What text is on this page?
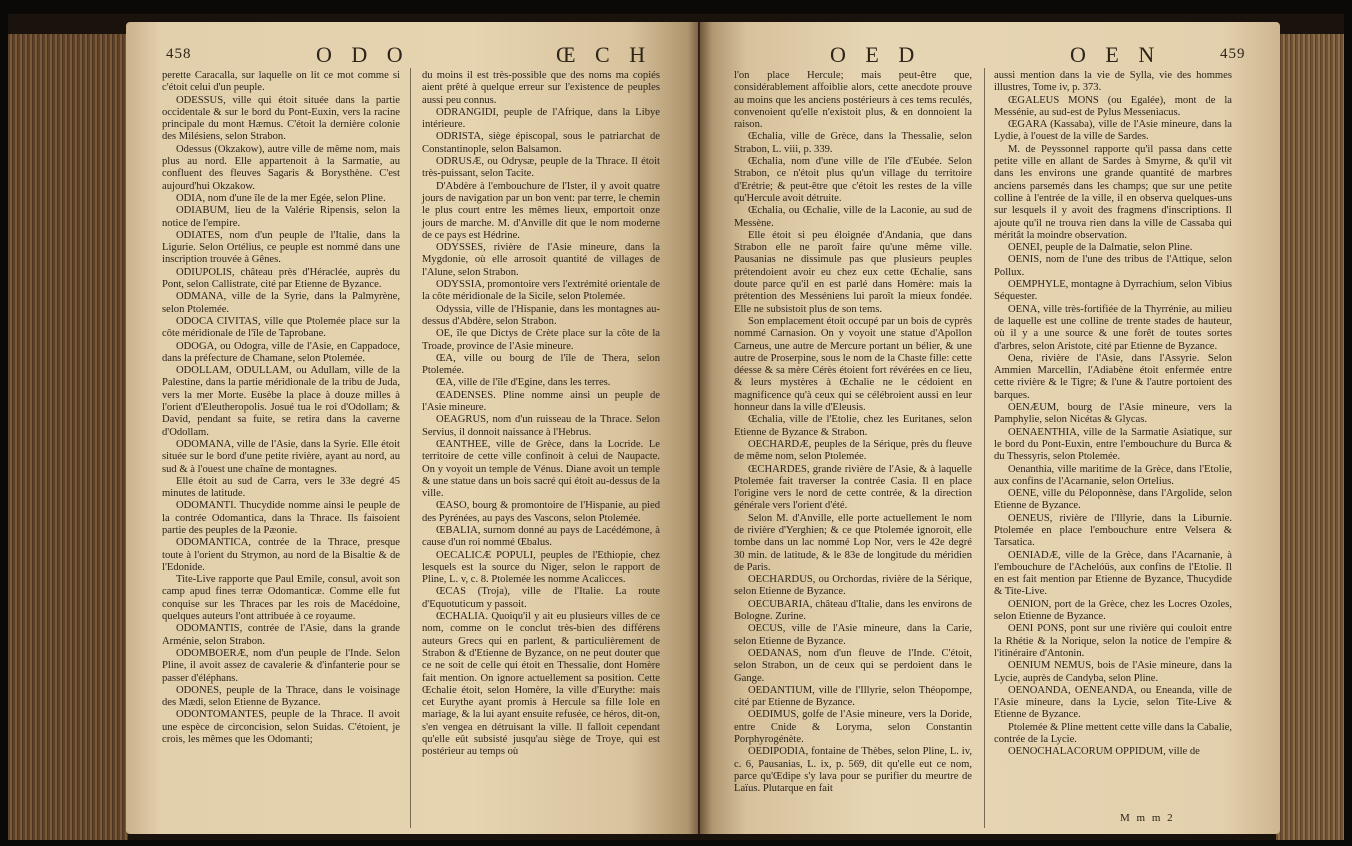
458	O D O	Œ C H

perette Caracalla, sur laquelle on lit ce mot comme si c'étoit celui d'un peuple.

ODESSUS, ville qui étoit située dans la partie occidentale & sur le bord du Pont-Euxin, vers la racine principale du mont Hæmus. C'étoit la dernière colonie des Milésiens, selon Strabon.

Odessus (Okzakow), autre ville de même nom, mais plus au nord. Elle appartenoit à la Sarmatie, au confluent des fleuves Sagaris & Borysthène. C'est aujourd'hui Okzakow.

ODIA, nom d'une île de la mer Egée, selon Pline.

ODIABUM, lieu de la Valérie Ripensis, selon la notice de l'empire.

ODIATES, nom d'un peuple de l'Italie, dans la Ligurie. Selon Ortélius, ce peuple est nommé dans une inscription trouvée à Gênes.

ODIUPOLIS, château près d'Héraclée, auprès du Pont, selon Callistrate, cité par Etienne de Byzance.

ODMANA, ville de la Syrie, dans la Palmyrène, selon Ptolemée.

ODOCA CIVITAS, ville que Ptolemée place sur la côte méridionale de l'île de Taprobane.

ODOGA, ou Odogra, ville de l'Asie, en Cappadoce, dans la préfecture de Chamane, selon Ptolemée.

ODOLLAM, ODULLAM, ou Adullam, ville de la Palestine, dans la partie méridionale de la tribu de Juda, vers la mer Morte. Eusèbe la place à douze milles à l'orient d'Eleutheropolis. Josué tua le roi d'Odollam; & David, pendant sa fuite, se retira dans la caverne d'Odollam.

ODOMANA, ville de l'Asie, dans la Syrie. Elle étoit située sur le bord d'une petite rivière, ayant au nord, au sud & à l'ouest une chaîne de montagnes.

Elle étoit au sud de Carra, vers le 33e degré 45 minutes de latitude.

ODOMANTI. Thucydide nomme ainsi le peuple de la contrée Odomantica, dans la Thrace. Ils faisoient partie des peuples de la Pæonie.

ODOMANTICA, contrée de la Thrace, presque toute à l'orient du Strymon, au nord de la Bisaltie & de l'Edonide.

Tite-Live rapporte que Paul Emile, consul, avoit son camp apud fines terræ Odomanticæ. Comme elle fut conquise sur les Thraces par les rois de Macédoine, quelques auteurs l'ont attribuée à ce royaume.

ODOMANTIS, contrée de l'Asie, dans la grande Arménie, selon Strabon.

ODOMBOERÆ, nom d'un peuple de l'Inde. Selon Pline, il avoit assez de cavalerie & d'infanterie pour se passer d'éléphans.

ODONES, peuple de la Thrace, dans le voisinage des Mædi, selon Etienne de Byzance.

ODONTOMANTES, peuple de la Thrace. Il avoit une espèce de circoncision, selon Suidas. C'étoient, je crois, les mêmes que les Odomanti;

du moins il est très-possible que des noms ma copiés aient prêté à quelque erreur sur l'existence de peuples aussi peu connus.

ODRANGIDI, peuple de l'Afrique, dans la Libye intérieure.

ODRISTA, siège épiscopal, sous le patriarchat de Constantinople, selon Balsamon.

ODRUSÆ, ou Odrysæ, peuple de la Thrace. Il étoit très-puissant, selon Tacite.

D'Abdère à l'embouchure de l'Ister, il y avoit quatre jours de navigation par un bon vent: par terre, le chemin le plus court entre les mêmes lieux, emportoit onze jours de marche. M. d'Anville dit que le nom moderne de ce pays est Hédrine.

ODYSSES, rivière de l'Asie mineure, dans la Mygdonie, où elle arrosoit quantité de villages de l'Alune, selon Strabon.

ODYSSIA, promontoire vers l'extrémité orientale de la côte méridionale de la Sicile, selon Ptolemée.

Odyssia, ville de l'Hispanie, dans les montagnes au-dessus d'Abdère, selon Strabon.

OE, île que Dictys de Crète place sur la côte de la Troade, province de l'Asie mineure.

ŒA, ville ou bourg de l'île de Thera, selon Ptolemée.

ŒA, ville de l'île d'Egine, dans les terres.

ŒADENSES. Pline nomme ainsi un peuple de l'Asie mineure.

OEAGRUS, nom d'un ruisseau de la Thrace. Selon Servius, il donnoit naissance à l'Hebrus.

ŒANTHEE, ville de Grèce, dans la Locride. Le territoire de cette ville confinoit à celui de Naupacte. On y voyoit un temple de Vénus. Diane avoit un temple & une statue dans un bois sacré qui étoit au-dessus de la ville.

ŒASO, bourg & promontoire de l'Hispanie, au pied des Pyrénées, au pays des Vascons, selon Ptolemée.

ŒBALIA, surnom donné au pays de Lacédémone, à cause d'un roi nommé Œbalus.

OECALICÆ POPULI, peuples de l'Ethiopie, chez lesquels est la source du Niger, selon le rapport de Pline, L. v, c. 8. Ptolemée les nomme Acalicces.

ŒCAS (Troja), ville de l'Italie. La route d'Equotuticum y passoit.

ŒCHALIA. Quoiqu'il y ait eu plusieurs villes de ce nom, comme on le conclut très-bien des différens auteurs Grecs qui en parlent, & particulièrement de Strabon & d'Etienne de Byzance, on ne peut douter que ce ne soit de celle qui étoit en Thessalie, dont Homère fait mention. On ignore actuellement sa position. Cette Œchalie étoit, selon Homère, la ville d'Eurythe: mais cet Eurythe ayant promis à Hercule sa fille Iole en mariage, & la lui ayant ensuite refusée, ce héros, dit-on, s'en vengea en détruisant la ville. Il falloit cependant qu'elle eût subsisté jusqu'au siège de Troye, qui est postérieur au temps où

O E D	O E N	459

l'on place Hercule; mais peut-être que, considérablement affoiblie alors, cette anecdote prouve au moins que les anciens postérieurs à ces tems reculés, convenoient qu'elle n'existoit plus, & en donnoient la raison.

Œchalia, ville de Grèce, dans la Thessalie, selon Strabon, L. viii, p. 339.

Œchalia, nom d'une ville de l'île d'Eubée. Selon Strabon, ce n'étoit plus qu'un village du territoire d'Erétrie; & peut-être que c'étoit les restes de la ville qu'Hercule avoit détruite.

Œchalia, ou Œchalie, ville de la Laconie, au sud de Messène.

Elle étoit si peu éloignée d'Andania, que dans Strabon elle ne paroît faire qu'une même ville. Pausanias ne dissimule pas que plusieurs peuples prétendoient avoir eu chez eux cette Œchalie, sans doute parce qu'il en est parlé dans Homère: mais la prétention des Messéniens lui paroît la mieux fondée. Elle ne subsistoit plus de son tems.

Son emplacement étoit occupé par un bois de cyprès nommé Carnasion. On y voyoit une statue d'Apollon Carneus, une autre de Mercure portant un bélier, & une autre de Proserpine, sous le nom de la Chaste fille: cette déesse & sa mère Cérès étoient fort révérées en ce lieu, & leurs mystères à Œchalie ne le cédoient en magnificence qu'à ceux qui se célébroient aussi en leur honneur dans la ville d'Eleusis.

Œchalia, ville de l'Etolie, chez les Euritanes, selon Etienne de Byzance & Strabon.

OECHARDÆ, peuples de la Sérique, près du fleuve de même nom, selon Ptolemée.

ŒCHARDES, grande rivière de l'Asie, & à laquelle Ptolemée fait traverser la contrée Casia. Il en place l'origine vers le nord de cette contrée, & la direction générale vers l'orient d'été.

Selon M. d'Anville, elle porte actuellement le nom de rivière d'Yerghien; & ce que Ptolemée ignoroit, elle tombe dans un lac nommé Lop Nor, vers le 42e degré 30 min. de latitude, & le 83e de longitude du méridien de Paris.

OECHARDUS, ou Orchordas, rivière de la Sérique, selon Etienne de Byzance.

OECUBARIA, château d'Italie, dans les environs de Bologne. Zurine.

OECUS, ville de l'Asie mineure, dans la Carie, selon Etienne de Byzance.

OEDANAS, nom d'un fleuve de l'Inde. C'étoit, selon Strabon, un de ceux qui se perdoient dans le Gange.

OEDANTIUM, ville de l'Illyrie, selon Théopompe, cité par Etienne de Byzance.

OEDIMUS, golfe de l'Asie mineure, vers la Doride, entre Cnide & Loryma, selon Constantin Porphyrogénète.

OEDIPODIA, fontaine de Thèbes, selon Pline, L. iv, c. 6, Pausanias, L. ix, p. 569, dit qu'elle eut ce nom, parce qu'Œdipe s'y lava pour se purifier du meurtre de Laïus. Plutarque en fait

aussi mention dans la vie de Sylla, vie des hommes illustres, Tome iv, p. 373.

ŒGALEUS MONS (ou Egalée), mont de la Messénie, au sud-est de Pylus Messeniacus.

ŒGARA (Kassaba), ville de l'Asie mineure, dans la Lydie, à l'ouest de la ville de Sardes.

M. de Peyssonnel rapporte qu'il passa dans cette petite ville en allant de Sardes à Smyrne, & qu'il vit dans les environs une grande quantité de marbres anciens parsemés dans les champs; que sur une petite colline à l'entrée de la ville, il en observa quelques-uns sur lesquels il y avoit des fragmens d'inscriptions. Il ajoute qu'il ne trouva rien dans la ville de Cassaba qui méritât la moindre observation.

OENEI, peuple de la Dalmatie, selon Pline.

OENIS, nom de l'une des tribus de l'Attique, selon Pollux.

OEMPHYLE, montagne à Dyrrachium, selon Vibius Séquester.

OENA, ville très-fortifiée de la Thyrrénie, au milieu de laquelle est une colline de trente stades de hauteur, où il y a une source & une forêt de toutes sortes d'arbres, selon Aristote, cité par Etienne de Byzance.

Oena, rivière de l'Asie, dans l'Assyrie. Selon Ammien Marcellin, l'Adiabène étoit enfermée entre cette rivière & le Tigre; & l'une & l'autre portoient des barques.

OENÆUM, bourg de l'Asie mineure, vers la Pamphylie, selon Nicétas & Glycas.

OENAENTHIA, ville de la Sarmatie Asiatique, sur le bord du Pont-Euxin, entre l'embouchure du Burca & du Thessyris, selon Ptolemée.

Oenanthia, ville maritime de la Grèce, dans l'Etolie, aux confins de l'Acarnanie, selon Ortelius.

OENE, ville du Péloponnèse, dans l'Argolide, selon Etienne de Byzance.

OENEUS, rivière de l'Illyrie, dans la Liburnie. Ptolemée en place l'embouchure entre Velsera & Tarsatica.

OENIADÆ, ville de la Grèce, dans l'Acarnanie, à l'embouchure de l'Achelóüs, aux confins de l'Etolie. Il en est fait mention par Etienne de Byzance, Thucydide & Tite-Live.

OENION, port de la Grèce, chez les Locres Ozoles, selon Etienne de Byzance.

OENI PONS, pont sur une rivière qui couloit entre la Rhétie & la Norique, selon la notice de l'empire & l'itinéraire d'Antonin.

OENIUM NEMUS, bois de l'Asie mineure, dans la Lycie, auprès de Candyba, selon Pline.

OENOANDA, OENEANDA, ou Eneanda, ville de l'Asie mineure, dans la Lycie, selon Tite-Live & Etienne de Byzance.

Ptolemée & Pline mettent cette ville dans la Cabalie, contrée de la Lycie.

OENOCHALACORUM OPPIDUM, ville de

M m m 2
